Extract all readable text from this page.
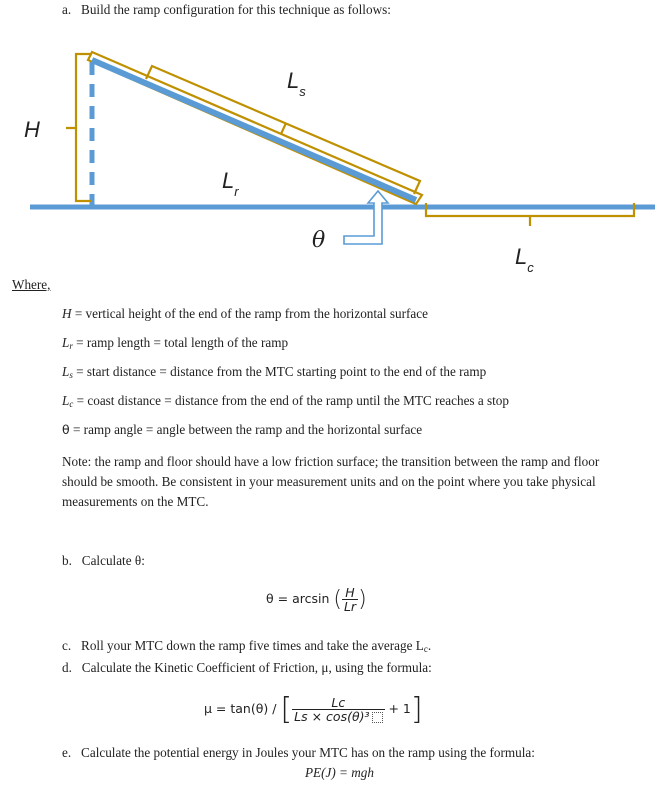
a. Build the ramp configuration for this technique as follows:
H
$L_s$
$L_r$
θ
$L_c$
Where,
H = vertical height of the end of the ramp from the horizontal surface
$L_r$ = ramp length = total length of the ramp
$L_s$ = start distance = distance from the MTC starting point to the end of the ramp
$L_c$ = coast distance = distance from the end of the ramp until the MTC reaches a stop
θ = ramp angle = angle between the ramp and the horizontal surface
Note: the ramp and floor should have a low friction surface; the transition between the ramp and floor should be smooth. Be consistent in your measurement units and on the point where you take physical measurements on the MTC.
b. Calculate θ:
θ = arcsin ( $\frac{H}{Lr}$ )
c. Roll your MTC down the ramp five times and take the average $L_c$.
d. Calculate the Kinetic Coefficient of Friction, μ, using the formula:
μ = tan(θ) / [ $\frac{Lc}{\text{Ls × cos(θ)³}} + 1$]
e. Calculate the potential energy in Joules your MTC has on the ramp using the formula:
PE(J) = mgh
